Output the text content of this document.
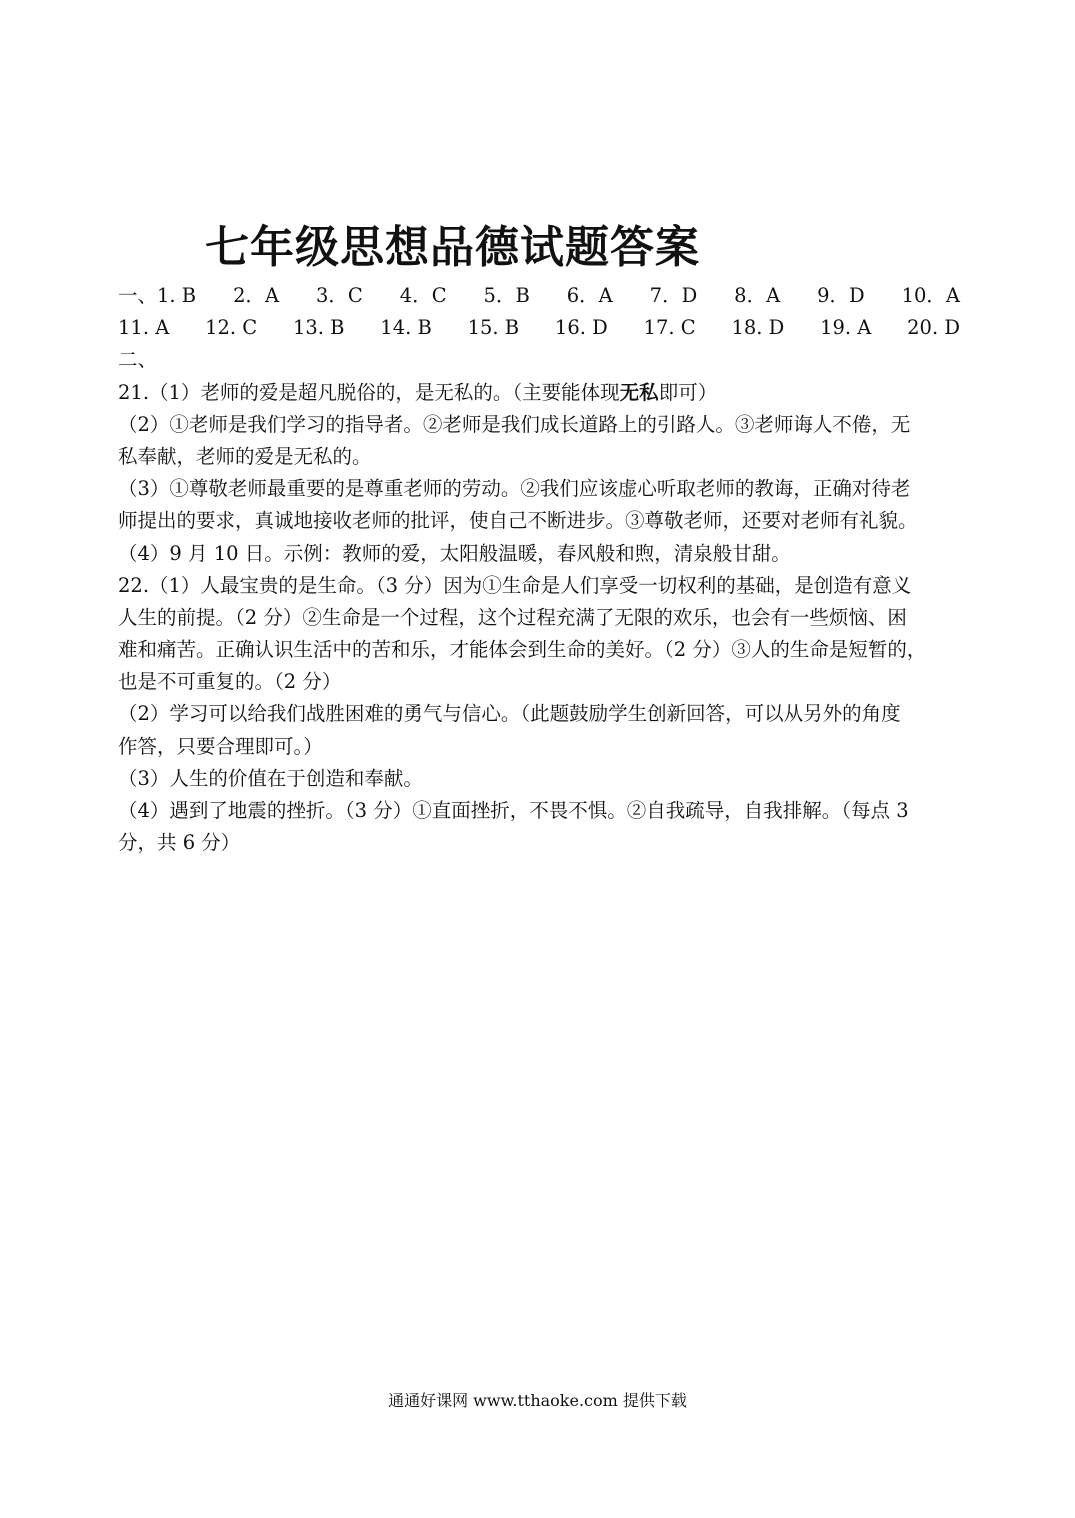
七年级思想品德试题答案
一、1. B 2．A 3．C 4．C 5．B 6．A 7．D 8．A 9．D 10．A
11. A 12. C 13. B 14. B 15. B 16. D 17. C 18. D 19. A 20. D
二、
21.（1）老师的爱是超凡脱俗的，是无私的。（主要能体现无私即可）
（2）①老师是我们学习的指导者。②老师是我们成长道路上的引路人。③老师诲人不倦，无
私奉献，老师的爱是无私的。
（3）①尊敬老师最重要的是尊重老师的劳动。②我们应该虚心听取老师的教诲，正确对待老
师提出的要求，真诚地接收老师的批评，使自己不断进步。③尊敬老师，还要对老师有礼貌。
（4）9 月 10 日。示例：教师的爱，太阳般温暖，春风般和煦，清泉般甘甜。
22.（1）人最宝贵的是生命。（3 分）因为①生命是人们享受一切权利的基础，是创造有意义
人生的前提。（2 分）②生命是一个过程，这个过程充满了无限的欢乐，也会有一些烦恼、困
难和痛苦。正确认识生活中的苦和乐，才能体会到生命的美好。（2 分）③人的生命是短暂的，
也是不可重复的。（2 分）
（2）学习可以给我们战胜困难的勇气与信心。（此题鼓励学生创新回答，可以从另外的角度
作答，只要合理即可。）
（3）人生的价值在于创造和奉献。
（4）遇到了地震的挫折。（3 分）①直面挫折，不畏不惧。②自我疏导，自我排解。（每点 3
分，共 6 分）
通通好课网 www.tthaoke.com 提供下载
